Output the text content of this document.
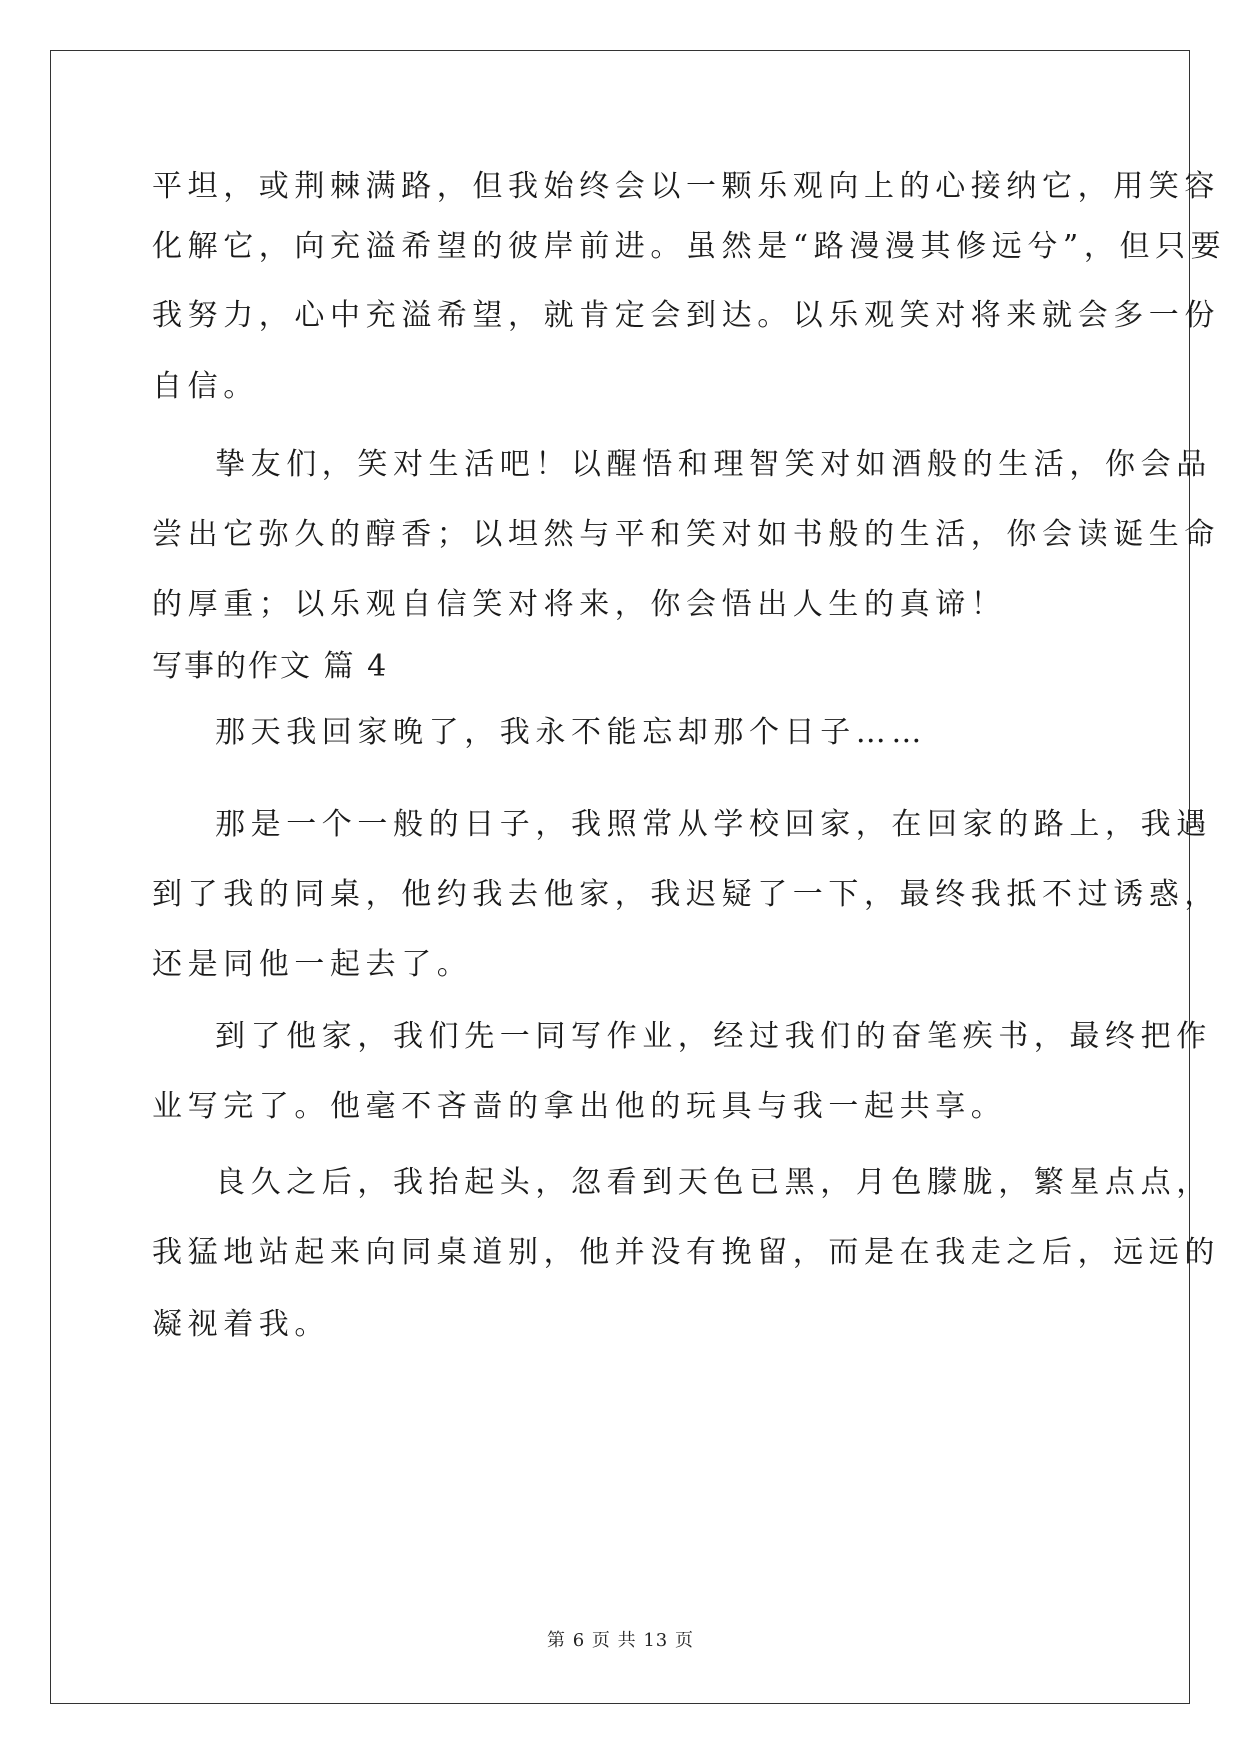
平坦，或荆棘满路，但我始终会以一颗乐观向上的心接纳它，用笑容
化解它，向充溢希望的彼岸前进。虽然是“路漫漫其修远兮”，但只要
我努力，心中充溢希望，就肯定会到达。以乐观笑对将来就会多一份
自信。
挚友们，笑对生活吧！以醒悟和理智笑对如酒般的生活，你会品
尝出它弥久的醇香；以坦然与平和笑对如书般的生活，你会读诞生命
的厚重；以乐观自信笑对将来，你会悟出人生的真谛！
写事的作文 篇 4
那天我回家晚了，我永不能忘却那个日子……
那是一个一般的日子，我照常从学校回家，在回家的路上，我遇
到了我的同桌，他约我去他家，我迟疑了一下，最终我抵不过诱惑，
还是同他一起去了。
到了他家，我们先一同写作业，经过我们的奋笔疾书，最终把作
业写完了。他毫不吝啬的拿出他的玩具与我一起共享。
良久之后，我抬起头，忽看到天色已黑，月色朦胧，繁星点点，
我猛地站起来向同桌道别，他并没有挽留，而是在我走之后，远远的
凝视着我。
第 6 页 共 13 页
